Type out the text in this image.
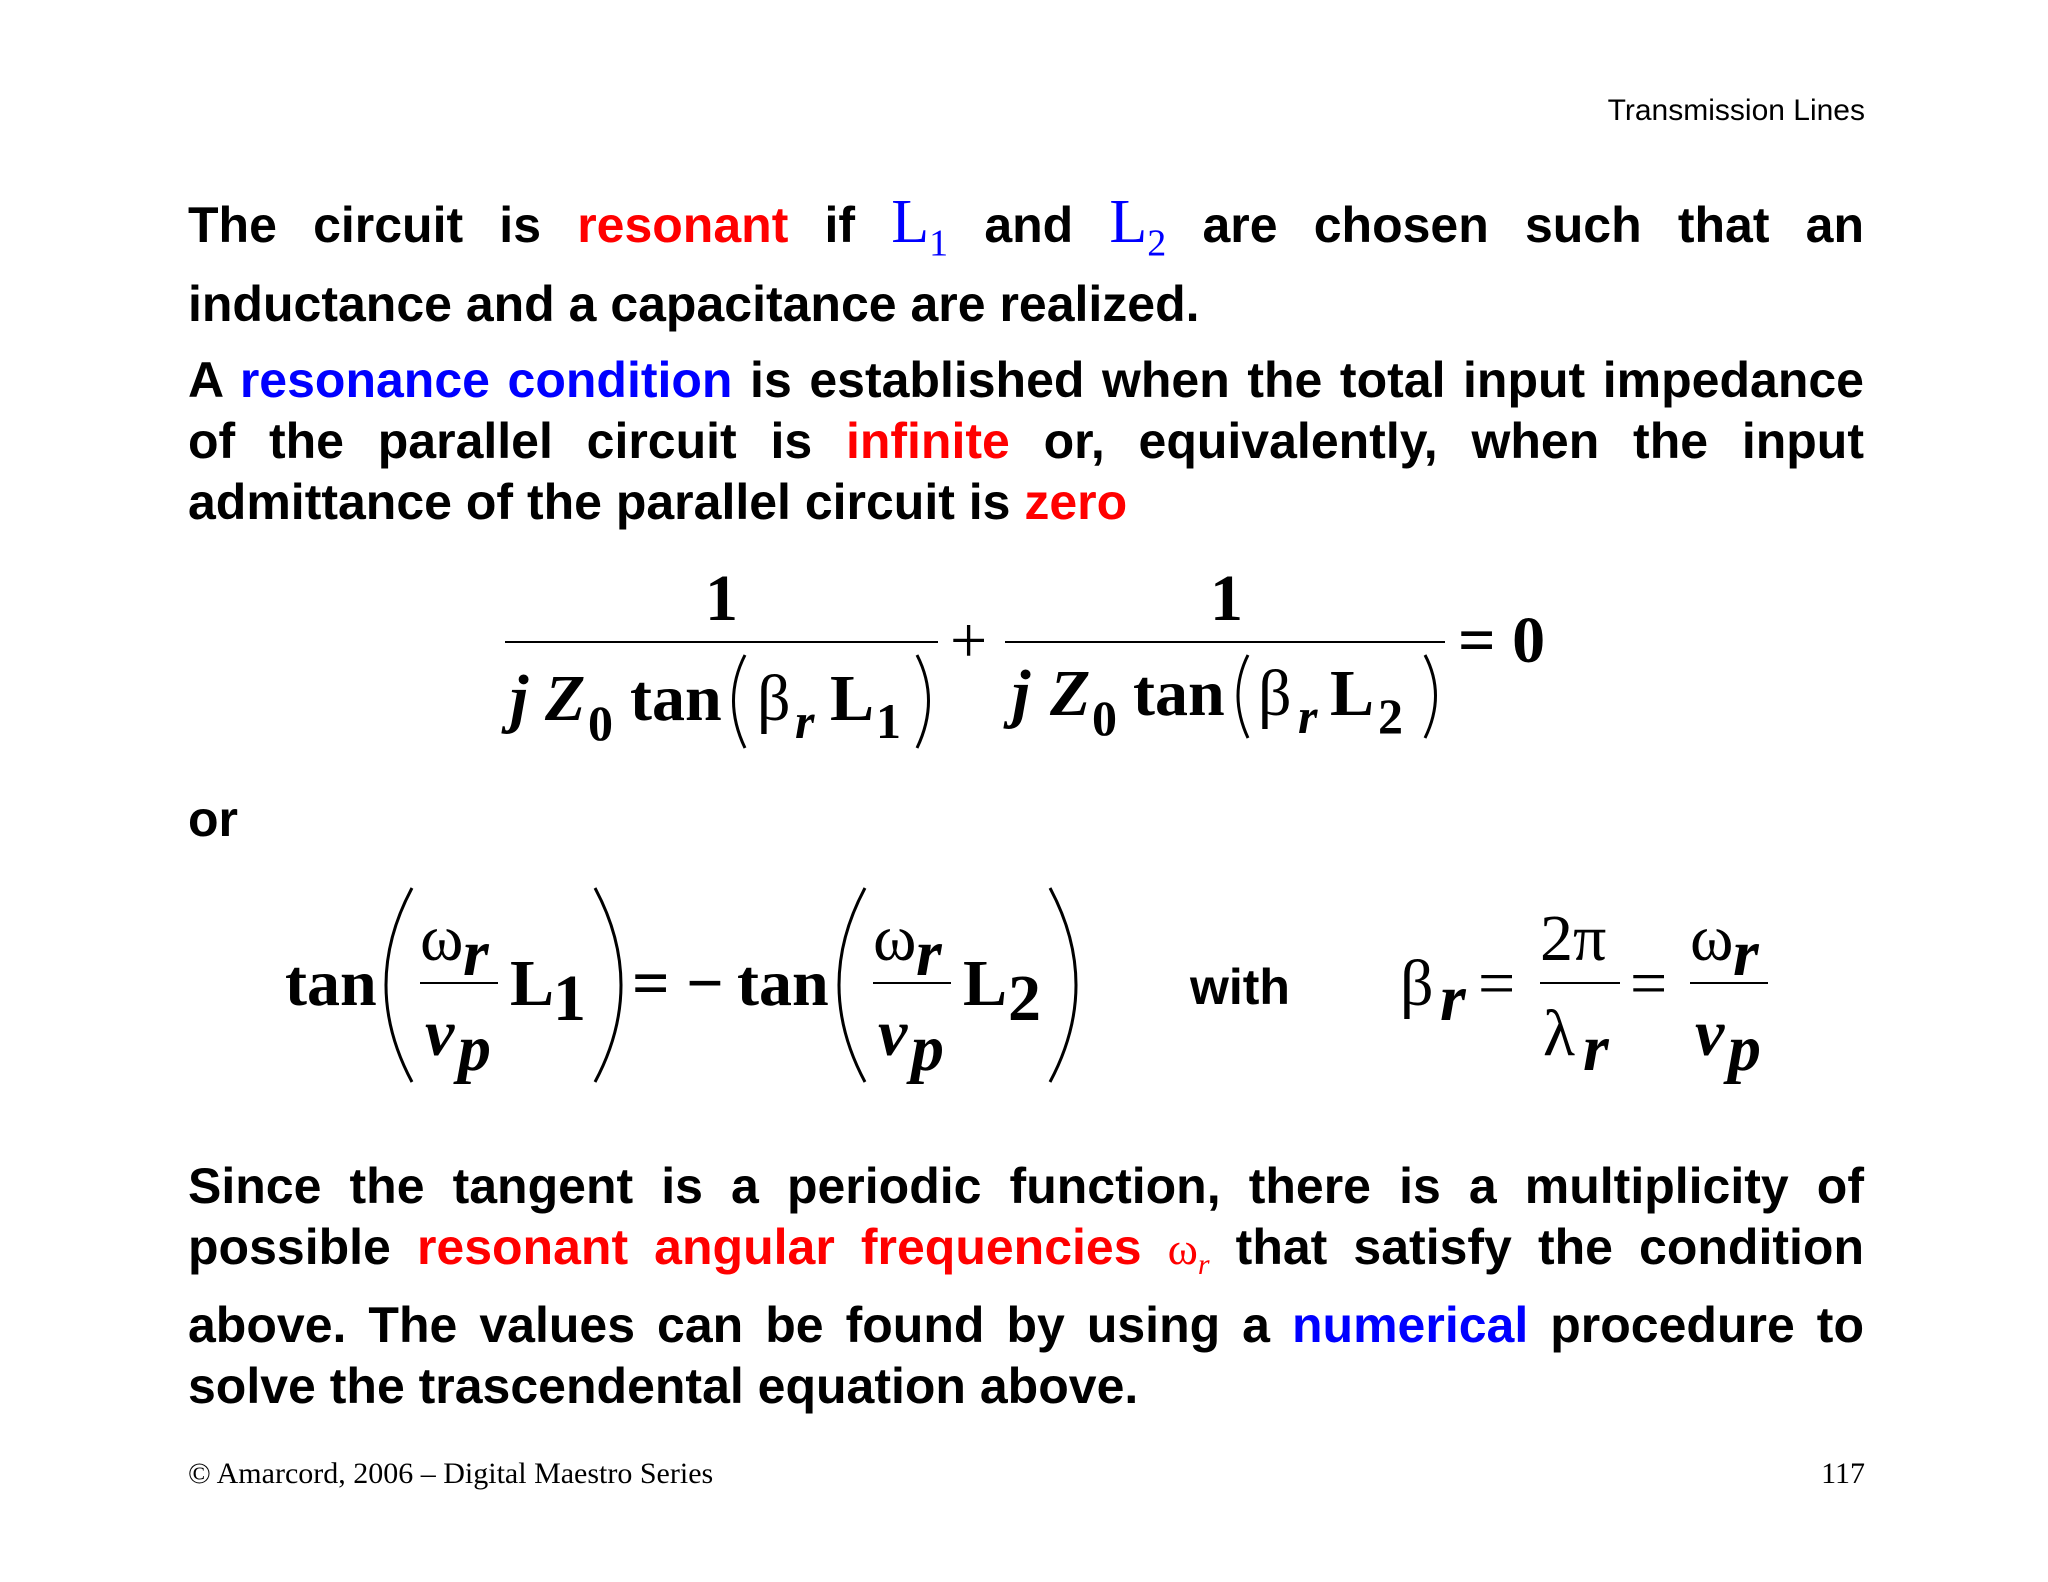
Transmission Lines
The circuit is resonant if $L_1$ and $L_2$ are chosen such that an inductance and a capacitance are realized.
A resonance condition is established when the total input impedance of the parallel circuit is infinite or, equivalently, when the input admittance of the parallel circuit is zero
1	1
+
j Z 0 tan β r L 1 j Z 0 tan β r L 2
= 0
or
tan
ω r
v p
L
1 = − tan
ω r
v p
L 2	β r =
2π
λ r
=
ω r
v p
with
Since the tangent is a periodic function, there is a multiplicity of possible resonant angular frequencies $\omega_r$ that satisfy the condition above. The values can be found by using a numerical procedure to solve the trascendental equation above.
© Amarcord, 2006 – Digital Maestro Series	117
